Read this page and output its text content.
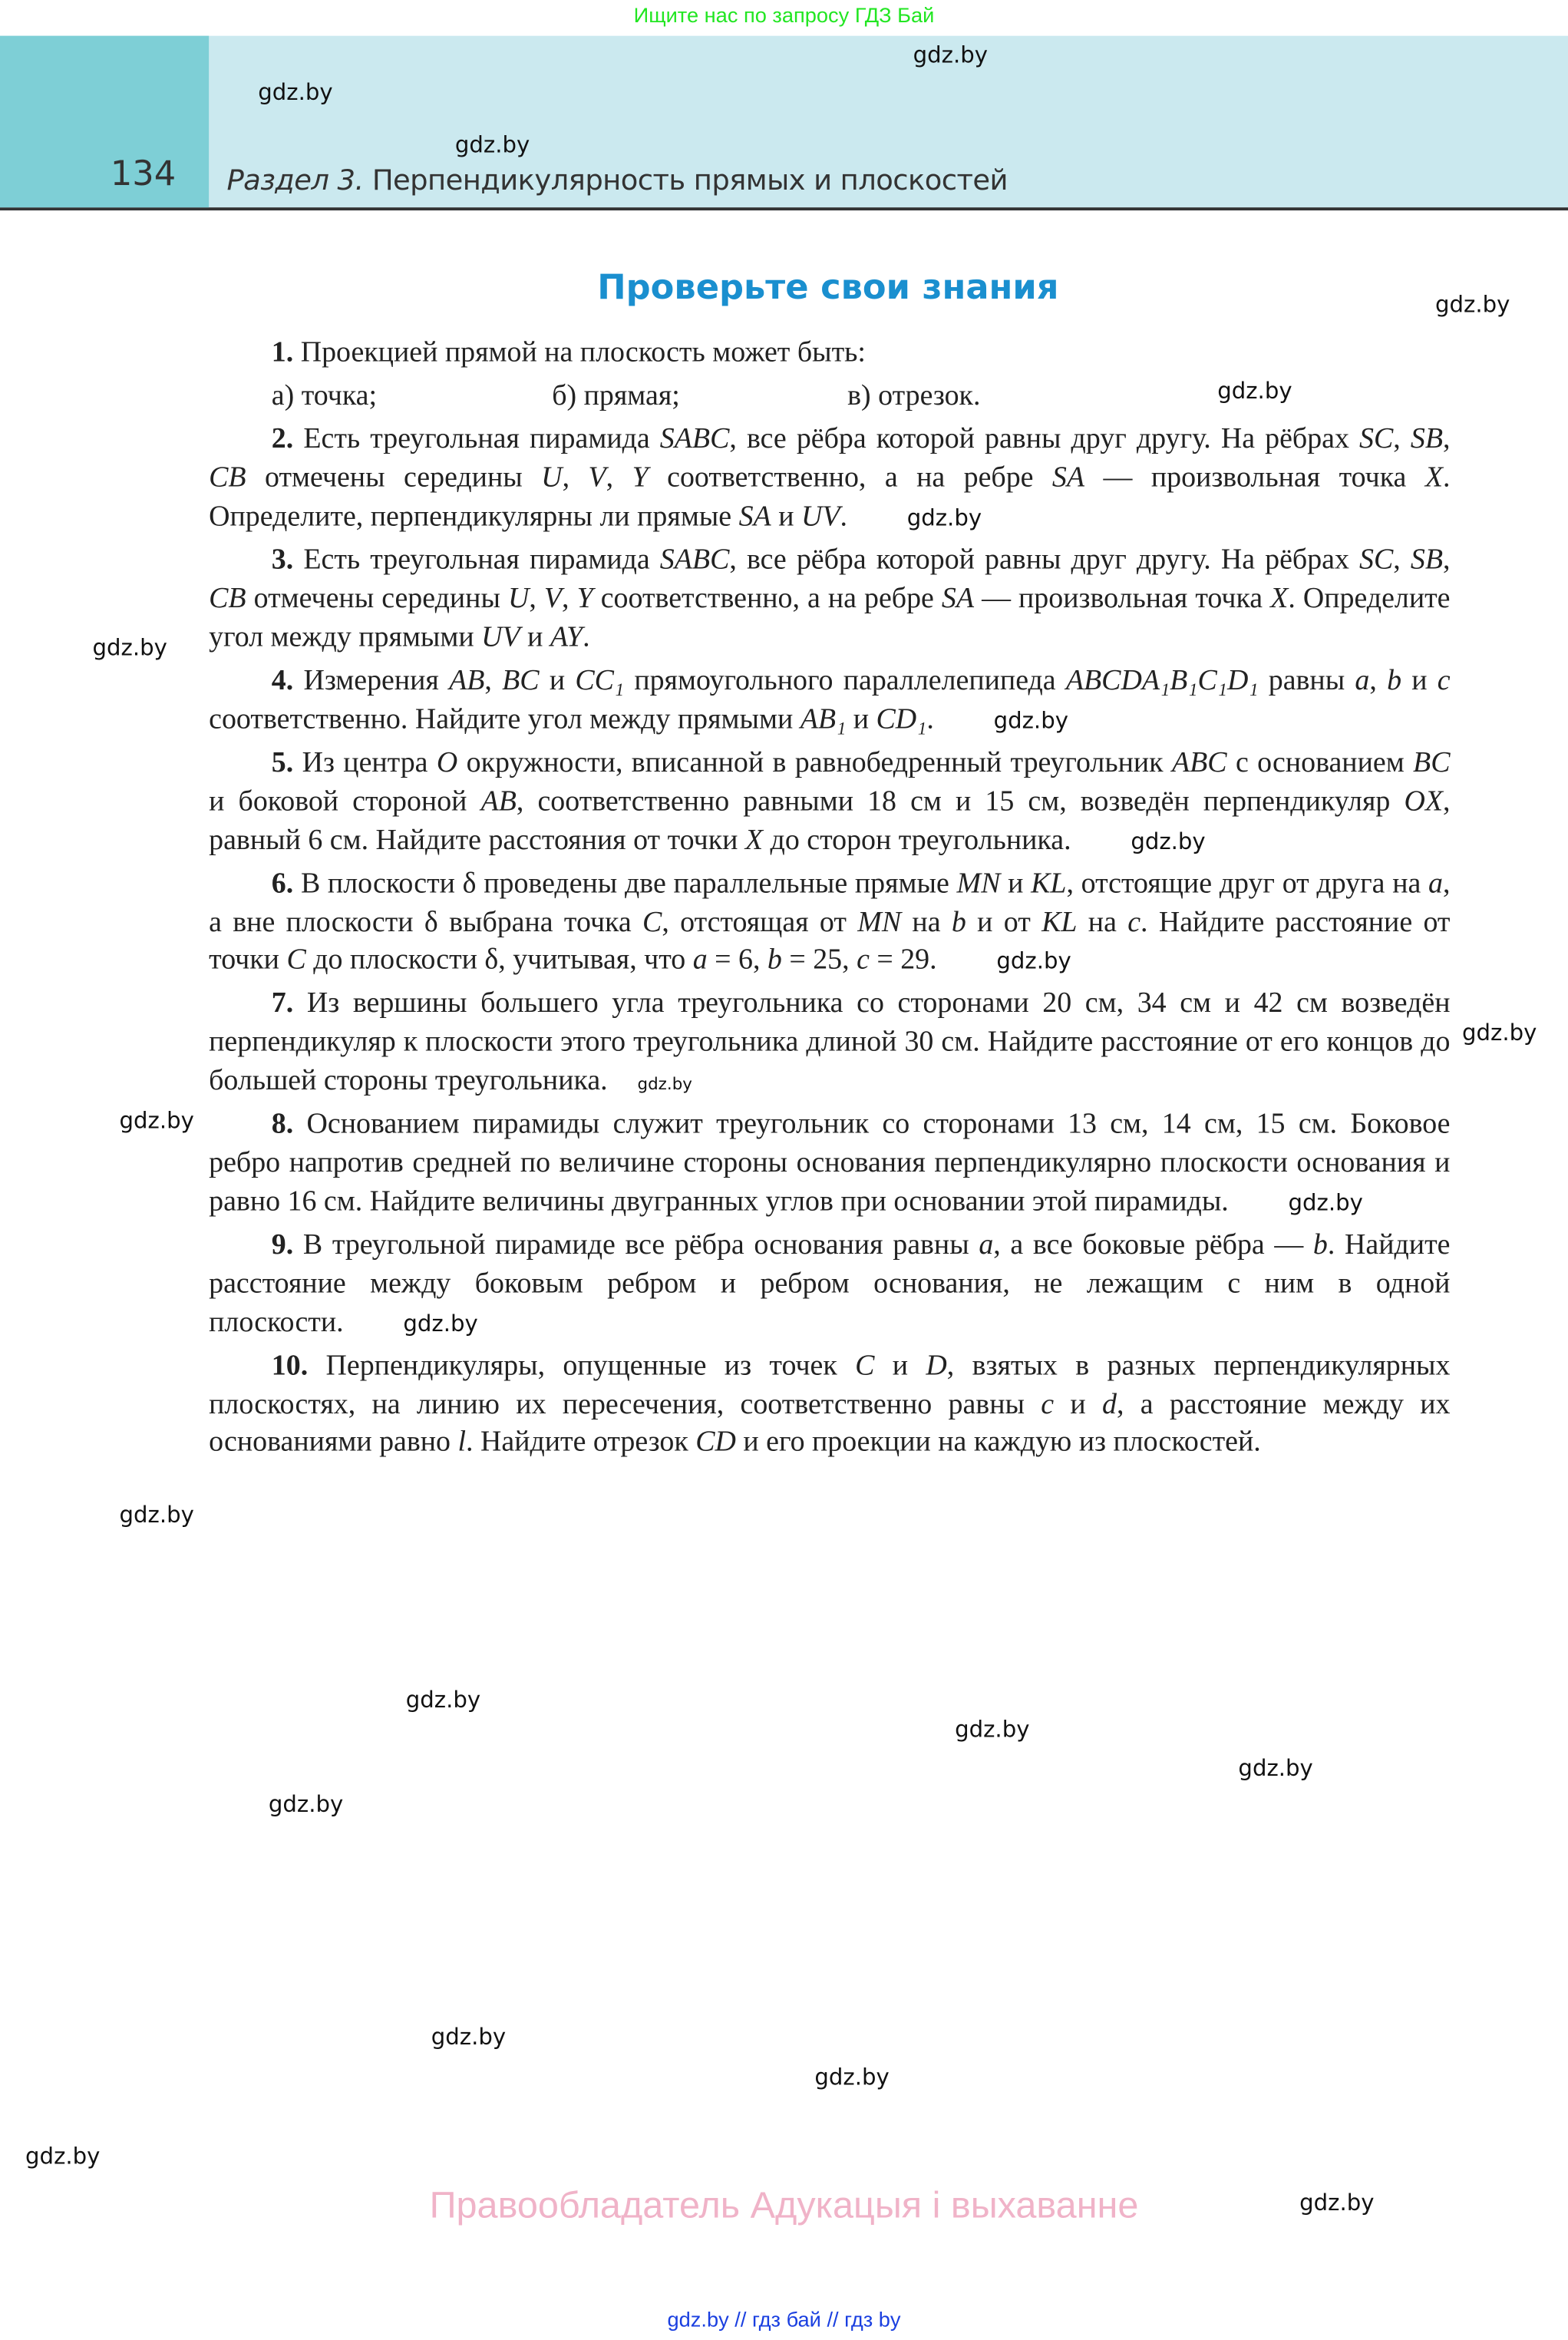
Ищите нас по запросу ГДЗ Бай
134	Раздел 3. Перпендикулярность прямых и плоскостей
Проверьте свои знания

1. Проекцией прямой на плоскость может быть:

а) точка;	б) прямая;	в) отрезок.	gdz.by

2. Есть треугольная пирамида SABC, все рёбра которой равны друг другу. На рёбрах SC, SB, CB отмечены середины U, V, Y соответственно, а на ребре SA — произвольная точка X. Определите, перпендикулярны ли прямые SA и UV.	gdz.by

3. Есть треугольная пирамида SABC, все рёбра которой равны друг другу. На рёбрах SC, SB, CB отмечены середины U, V, Y соответственно, а на ребре SA — произвольная точка X. Определите угол между прямыми UV и AY.

4. Измерения AB, BC и CC₁ прямоугольного параллелепипеда ABCDA₁B₁C₁D₁ равны a, b и c соответственно. Найдите угол между прямыми AB₁ и CD₁.	gdz.by

5. Из центра O окружности, вписанной в равнобедренный треугольник ABC с основанием BC и боковой стороной AB, соответственно равными 18 см и 15 см, возведён перпендикуляр OX, равный 6 см. Найдите расстояния от точки X до сторон треугольника.	gdz.by

6. В плоскости δ проведены две параллельные прямые MN и KL, отстоящие друг от друга на a, а вне плоскости δ выбрана точка C, отстоящая от MN на b и от KL на c. Найдите расстояние от точки C до плоскости δ, учитывая, что a = 6, b = 25, c = 29.	gdz.by

7. Из вершины большего угла треугольника со сторонами 20 см, 34 см и 42 см возведён перпендикуляр к плоскости этого треугольника длиной 30 см. Найдите расстояние от его концов до большей стороны треугольника.	gdz.by

8. Основанием пирамиды служит треугольник со сторонами 13 см, 14 см, 15 см. Боковое ребро напротив средней по величине стороны основания перпендикулярно плоскости основания и равно 16 см. Найдите величины двугранных углов при основании этой пирамиды.	gdz.by

9. В треугольной пирамиде все рёбра основания равны a, а все боковые рёбра — b. Найдите расстояние между боковым ребром и ребром основания, не лежащим с ним в одной плоскости.	gdz.by

10. Перпендикуляры, опущенные из точек C и D, взятых в разных перпендикулярных плоскостях, на линию их пересечения, соответственно равны c и d, а расстояние между их основаниями равно l. Найдите отрезок CD и его проекции на каждую из плоскостей.

gdz.by
gdz.by
gdz.by
gdz.by
gdz.by
gdz.by
gdz.by
gdz.by
gdz.by
gdz.by
gdz.by
gdz.by
gdz.by
gdz.by
gdz.by
gdz.by
Правообладатель Адукацыя і выхаванне
gdz.by // гдз бай // гдз by
